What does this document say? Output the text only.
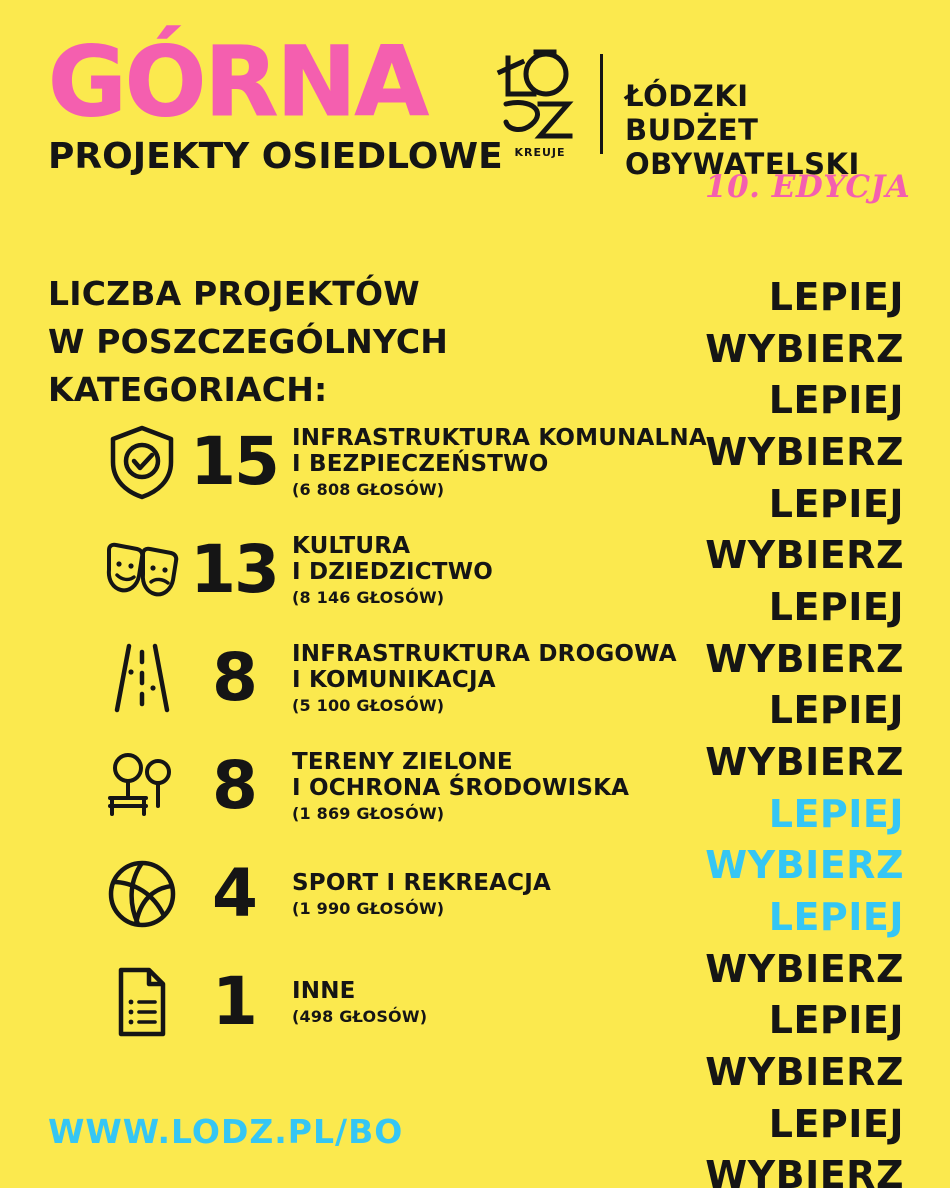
GÓRNA
PROJEKTY OSIEDLOWE KREUJE
ŁÓDZKI
BUDŻET
OBYWATELSKI
10. EDYCJA
LICZBA PROJEKTÓW
W POSZCZEGÓLNYCH KATEGORIACH:
15 INFRASTRUKTURA KOMUNALNA
I BEZPIECZEŃSTWO
(6 808 GŁOSÓW)
13 KULTURA
I DZIEDZICTWO
(8 146 GŁOSÓW)
8	INFRASTRUKTURA DROGOWA
I KOMUNIKACJA
(5 100 GŁOSÓW)
8	TERENY ZIELONE
I OCHRONA ŚRODOWISKA
(1 869 GŁOSÓW)
4	SPORT I REKREACJA
(1 990 GŁOSÓW)
1	INNE
(498 GŁOSÓW)
LEPIEJ
WYBIERZ
LEPIEJ
WYBIERZ
LEPIEJ
WYBIERZ
LEPIEJ
WYBIERZ
LEPIEJ
WYBIERZ
LEPIEJ
WYBIERZ
LEPIEJ
WYBIERZ
LEPIEJ
WYBIERZ
LEPIEJ
WYBIERZ
WWW.LODZ.PL/BO
